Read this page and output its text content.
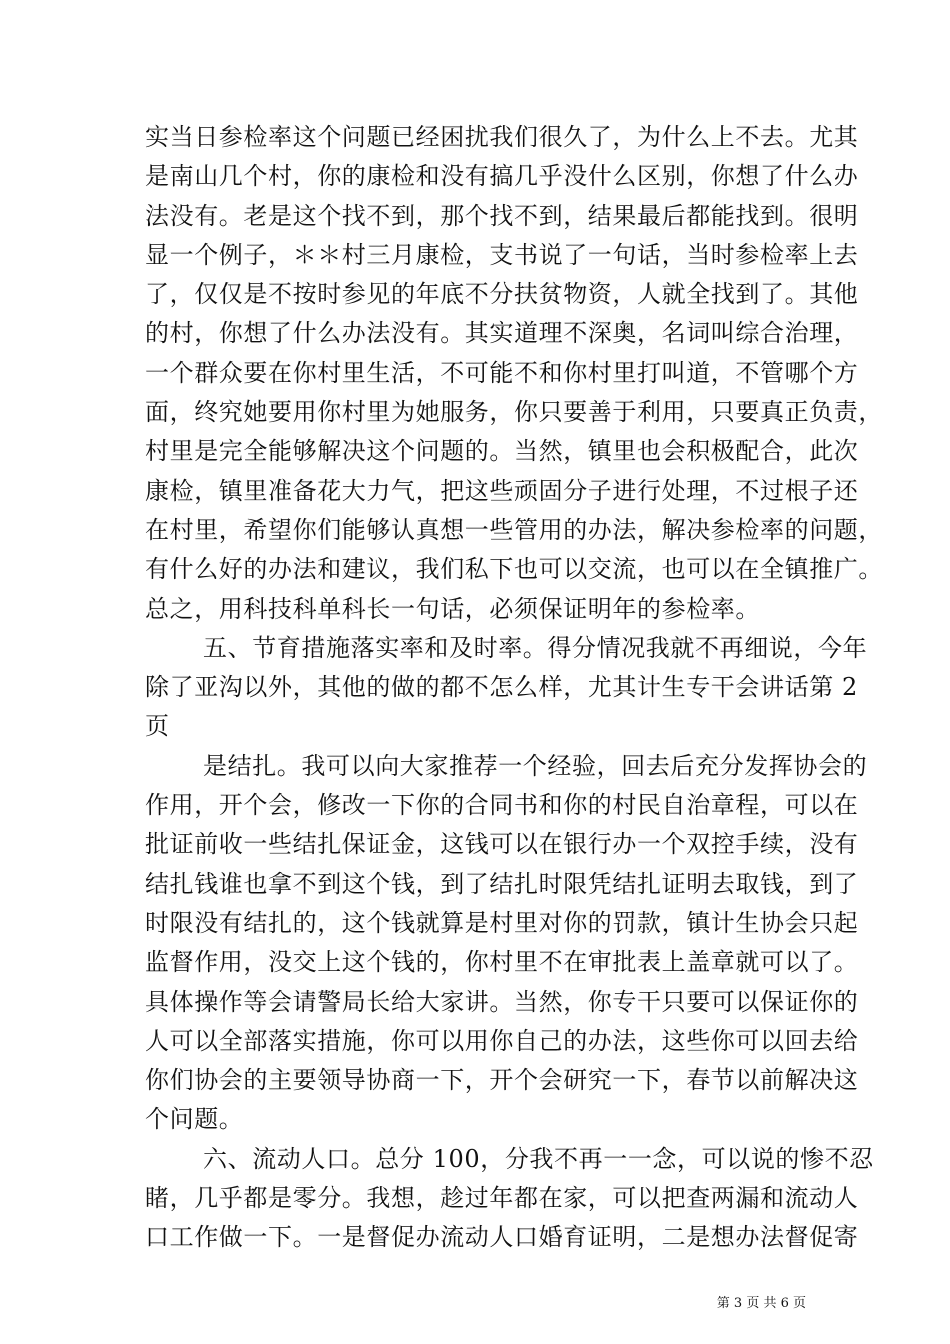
实当日参检率这个问题已经困扰我们很久了，为什么上不去。尤其
是南山几个村，你的康检和没有搞几乎没什么区别，你想了什么办
法没有。老是这个找不到，那个找不到，结果最后都能找到。很明
显一个例子，＊＊村三月康检，支书说了一句话，当时参检率上去
了，仅仅是不按时参见的年底不分扶贫物资，人就全找到了。其他
的村，你想了什么办法没有。其实道理不深奥，名词叫综合治理，
一个群众要在你村里生活，不可能不和你村里打叫道，不管哪个方
面，终究她要用你村里为她服务，你只要善于利用，只要真正负责，
村里是完全能够解决这个问题的。当然，镇里也会积极配合，此次
康检，镇里准备花大力气，把这些顽固分子进行处理，不过根子还
在村里，希望你们能够认真想一些管用的办法，解决参检率的问题，
有什么好的办法和建议，我们私下也可以交流，也可以在全镇推广。
总之，用科技科单科长一句话，必须保证明年的参检率。

五、节育措施落实率和及时率。得分情况我就不再细说，今年
除了亚沟以外，其他的做的都不怎么样，尤其计生专干会讲话第 2
页

是结扎。我可以向大家推荐一个经验，回去后充分发挥协会的
作用，开个会，修改一下你的合同书和你的村民自治章程，可以在
批证前收一些结扎保证金，这钱可以在银行办一个双控手续，没有
结扎钱谁也拿不到这个钱，到了结扎时限凭结扎证明去取钱，到了
时限没有结扎的，这个钱就算是村里对你的罚款，镇计生协会只起
监督作用，没交上这个钱的，你村里不在审批表上盖章就可以了。
具体操作等会请警局长给大家讲。当然，你专干只要可以保证你的
人可以全部落实措施，你可以用你自己的办法，这些你可以回去给
你们协会的主要领导协商一下，开个会研究一下，春节以前解决这
个问题。

六、流动人口。总分 100，分我不再一一念，可以说的惨不忍
睹，几乎都是零分。我想，趁过年都在家，可以把查两漏和流动人
口工作做一下。一是督促办流动人口婚育证明，二是想办法督促寄

第 3 页 共 6 页
